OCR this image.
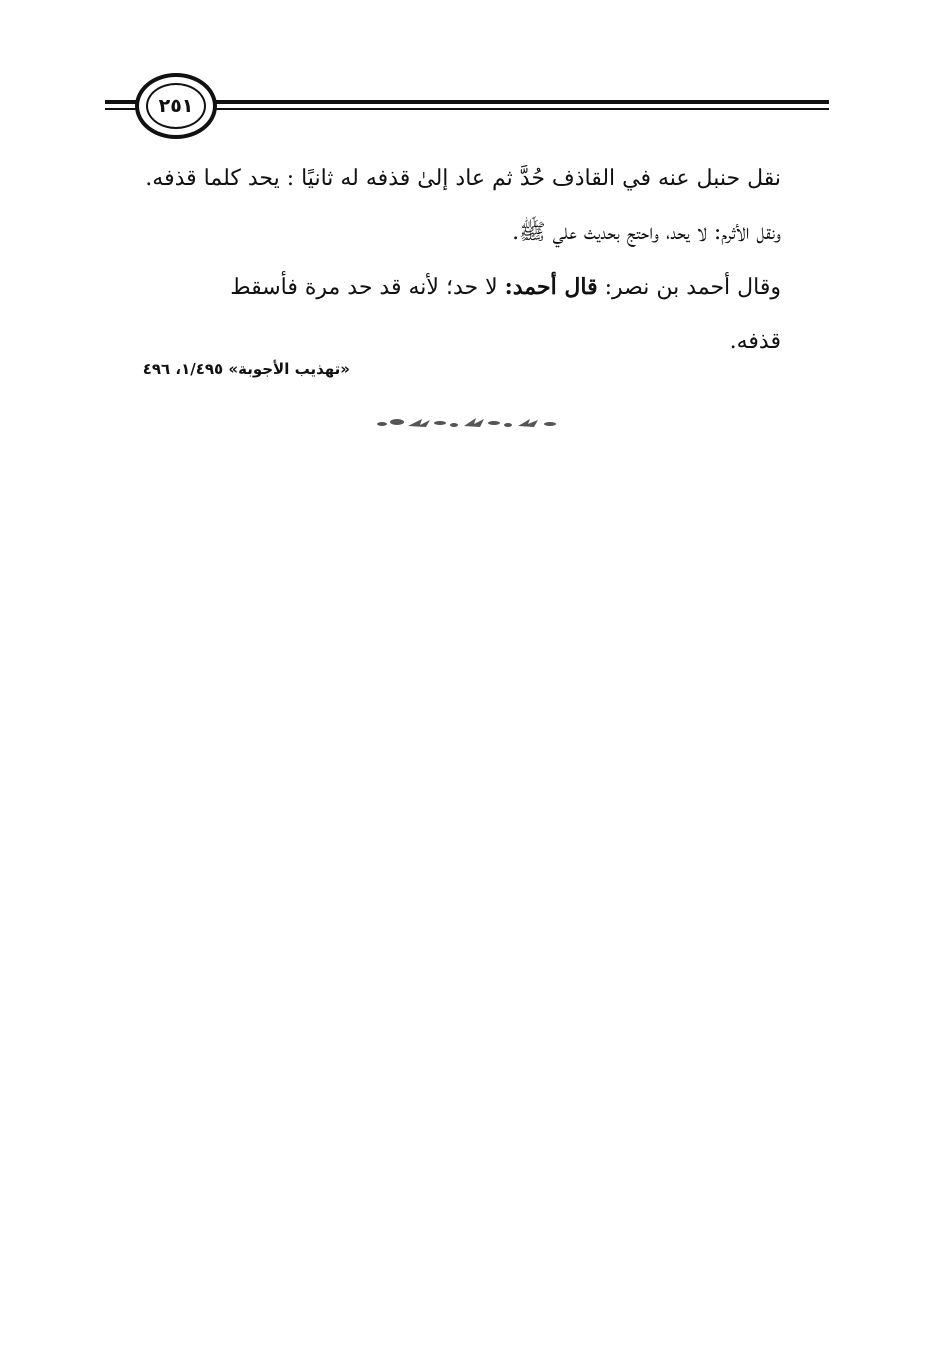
٢٥١
نقل حنبل عنه في القاذف حُدَّ ثم عاد إلىٰ قذفه له ثانيًا : يحد كلما قذفه.
ونقل الأثرم: لا يحد، واحتج بحديث علي ﷺ.
وقال أحمد بن نصر: قال أحمد: لا حد؛ لأنه قد حد مرة فأسقط
قذفه.
«تهذيب الأجوبة» ١/٤٩٥، ٤٩٦
